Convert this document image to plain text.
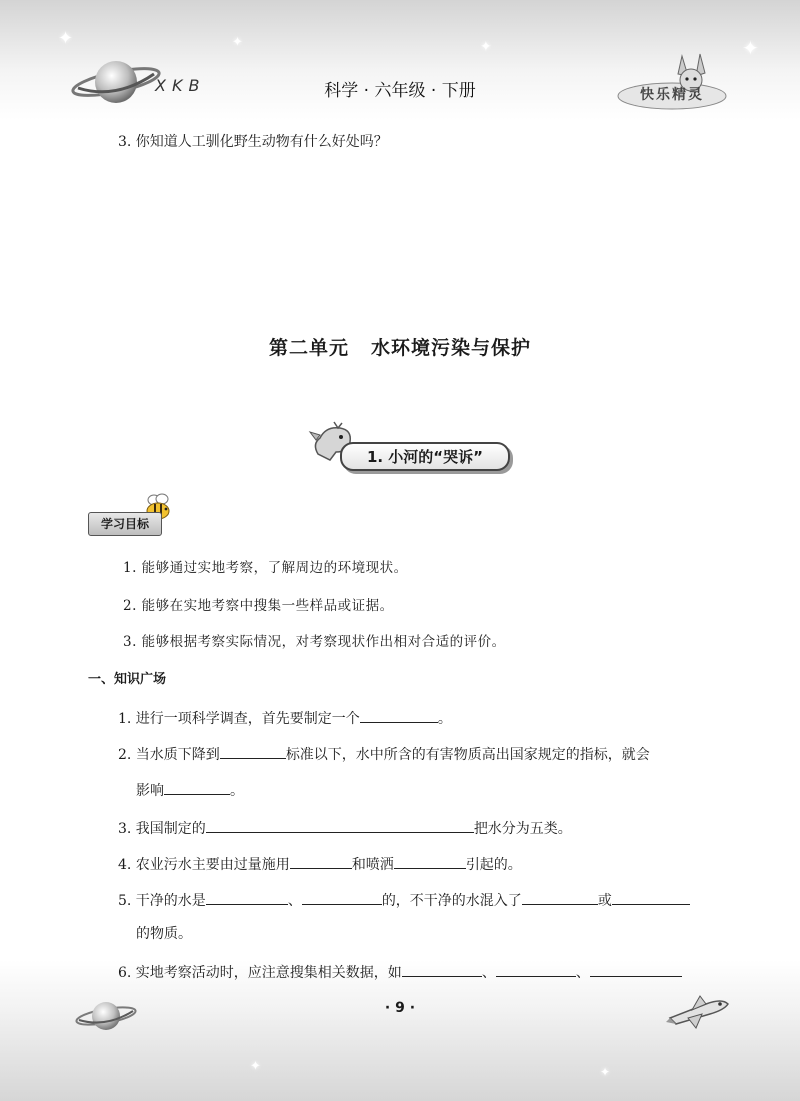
✦	✦	✦	✦
✦	✦
XKB	科学 · 六年级 · 下册	快乐精灵
3. 你知道人工驯化野生动物有什么好处吗？
第二单元 水环境污染与保护
1. 小河的“哭诉”
学习目标
1. 能够通过实地考察，了解周边的环境现状。
2. 能够在实地考察中搜集一些样品或证据。
3. 能够根据考察实际情况，对考察现状作出相对合适的评价。
一、知识广场
1. 进行一项科学调查，首先要制定一个	。
2. 当水质下降到	标准以下，水中所含的有害物质高出国家规定的指标，就会
影响	。
3. 我国制定的	把水分为五类。
4. 农业污水主要由过量施用	和喷洒	引起的。
5. 干净的水是	、	的，不干净的水混入了	或
的物质。
6. 实地考察活动时，应注意搜集相关数据，如	、	、
· 9 ·
